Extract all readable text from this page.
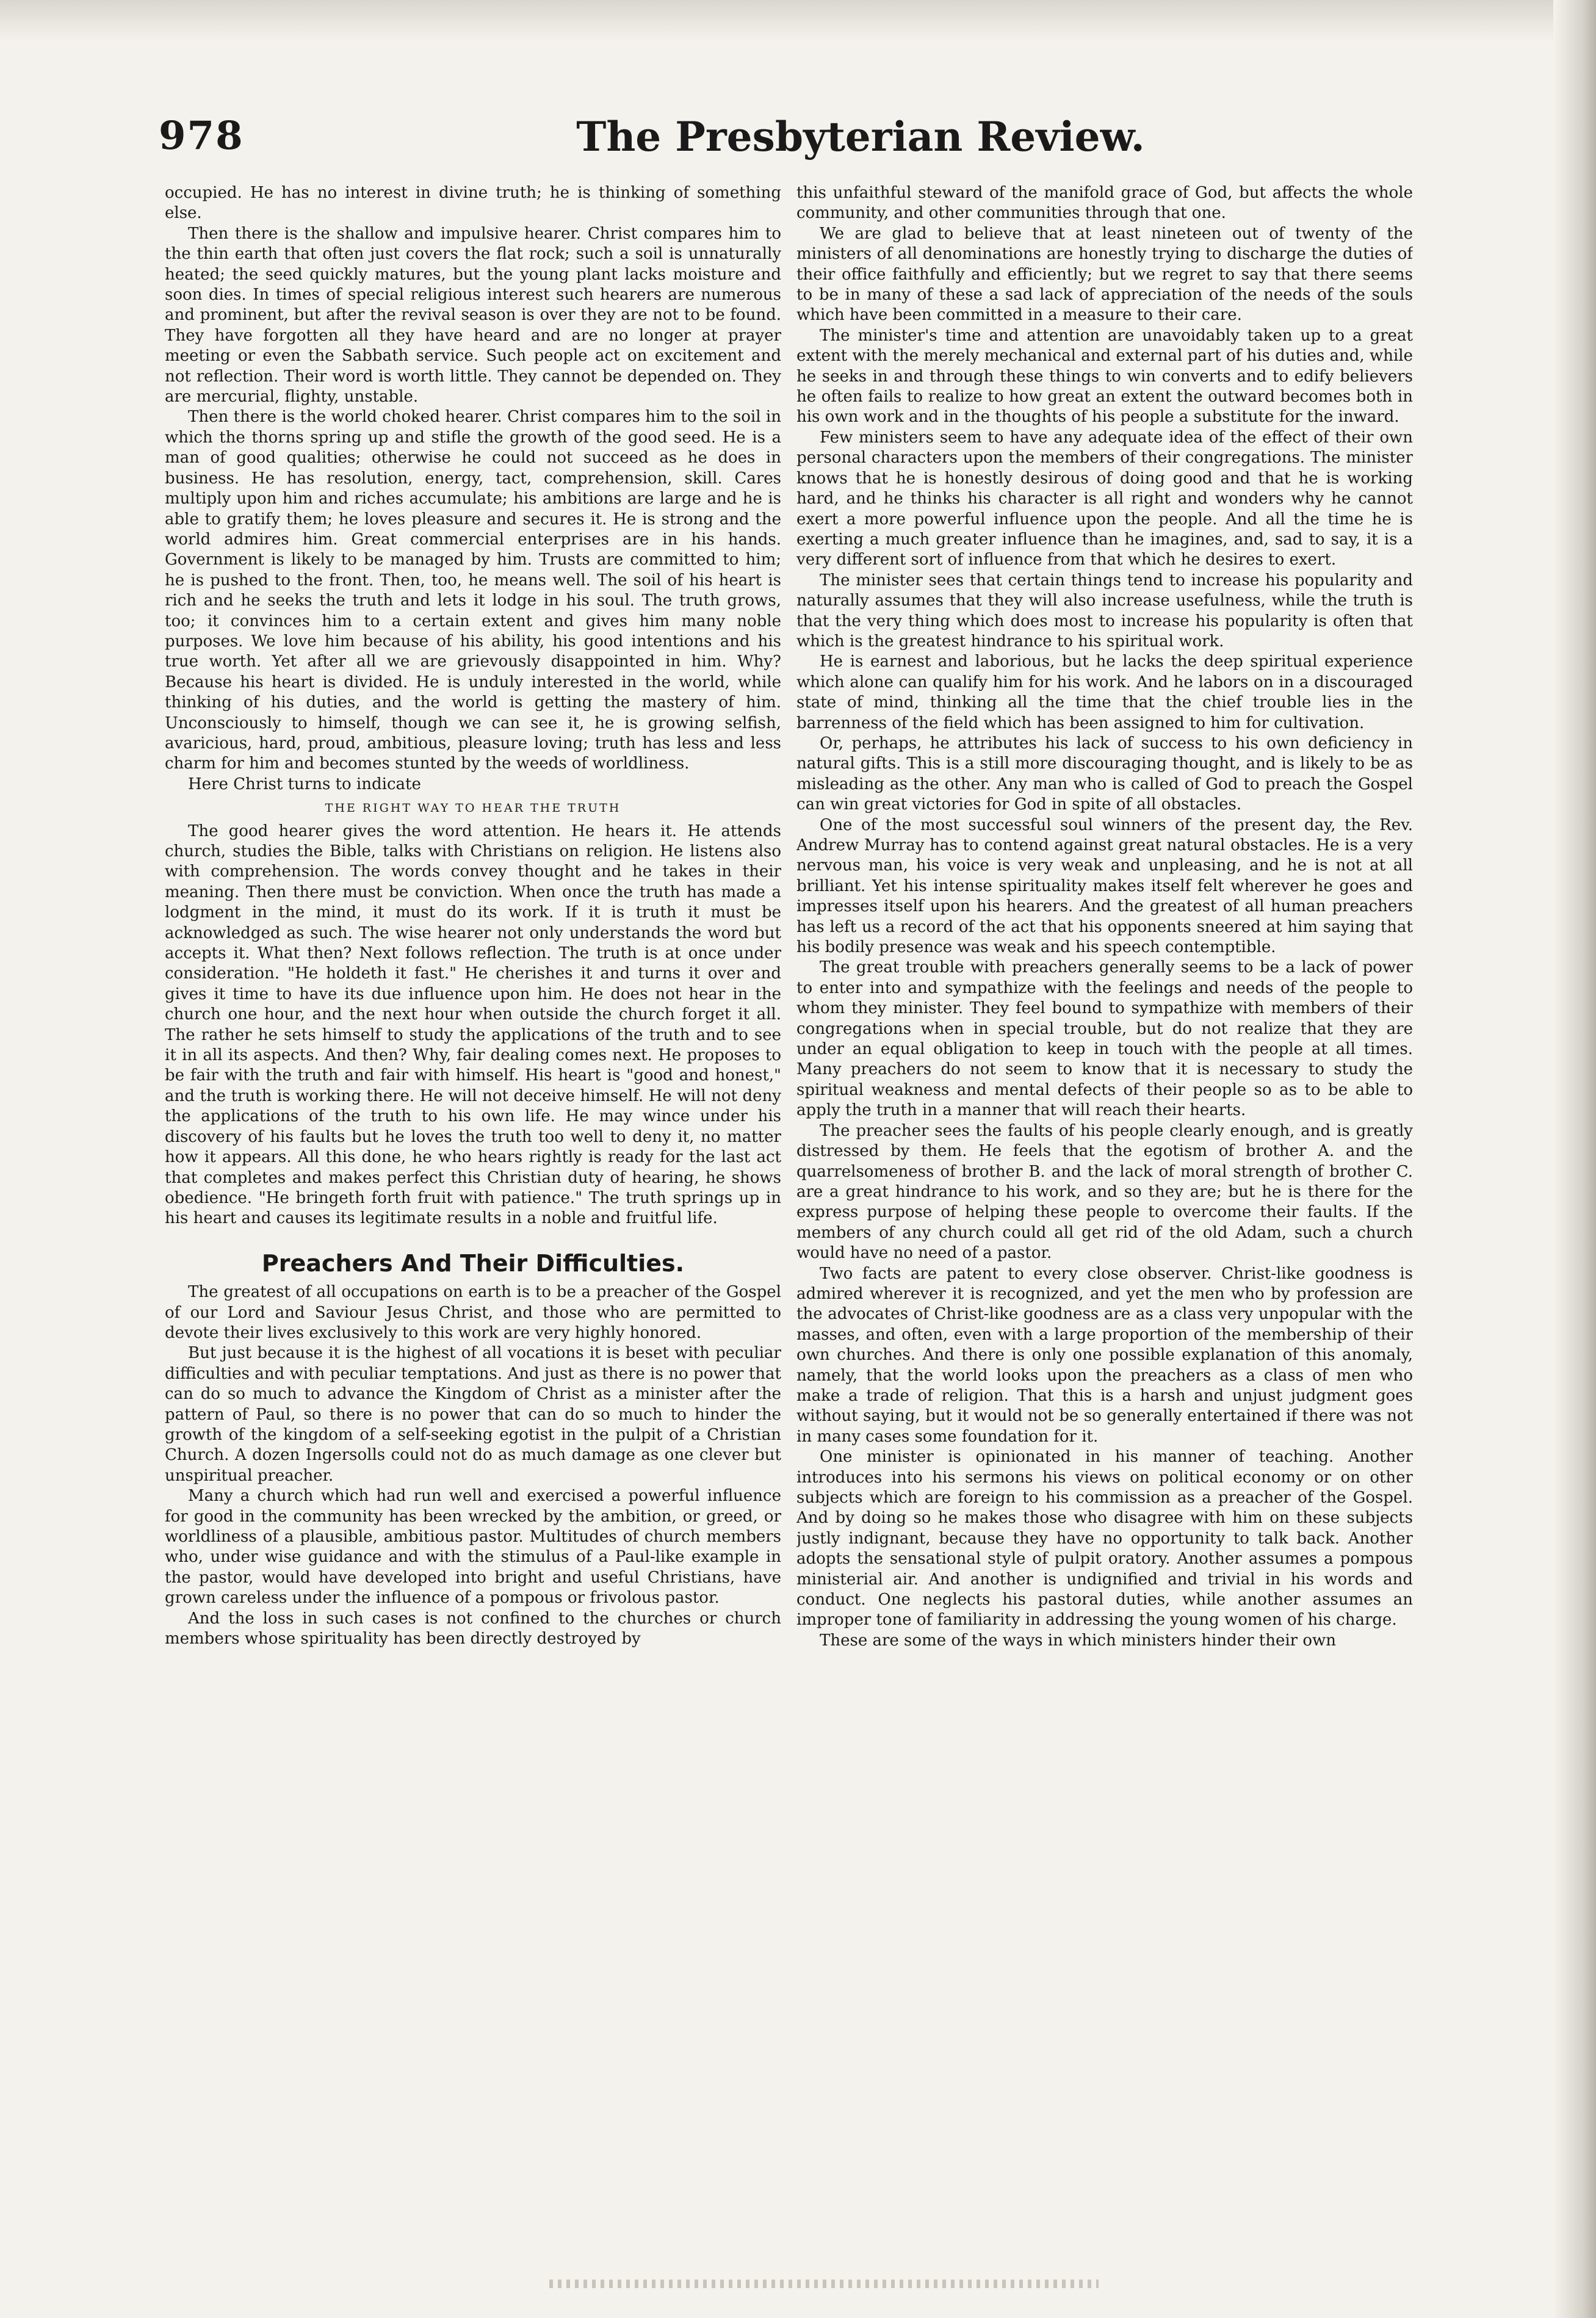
978	The Presbyterian Review.

occupied. He has no interest in divine truth; he is thinking of something else.

Then there is the shallow and impulsive hearer. Christ compares him to the thin earth that often just covers the flat rock; such a soil is unnaturally heated; the seed quickly matures, but the young plant lacks moisture and soon dies. In times of special religious interest such hearers are numerous and prominent, but after the revival season is over they are not to be found. They have forgotten all they have heard and are no longer at prayer meeting or even the Sabbath service. Such people act on excitement and not reflection. Their word is worth little. They cannot be depended on. They are mercurial, flighty, unstable.

Then there is the world choked hearer. Christ compares him to the soil in which the thorns spring up and stifle the growth of the good seed. He is a man of good qualities; otherwise he could not succeed as he does in business. He has resolution, energy, tact, comprehension, skill. Cares multiply upon him and riches accumulate; his ambitions are large and he is able to gratify them; he loves pleasure and secures it. He is strong and the world admires him. Great commercial enterprises are in his hands. Government is likely to be managed by him. Trusts are committed to him; he is pushed to the front. Then, too, he means well. The soil of his heart is rich and he seeks the truth and lets it lodge in his soul. The truth grows, too; it convinces him to a certain extent and gives him many noble purposes. We love him because of his ability, his good intentions and his true worth. Yet after all we are grievously disappointed in him. Why? Because his heart is divided. He is unduly interested in the world, while thinking of his duties, and the world is getting the mastery of him. Unconsciously to himself, though we can see it, he is growing selfish, avaricious, hard, proud, ambitious, pleasure loving; truth has less and less charm for him and becomes stunted by the weeds of worldliness.

Here Christ turns to indicate

THE RIGHT WAY TO HEAR THE TRUTH

The good hearer gives the word attention. He hears it. He attends church, studies the Bible, talks with Christians on religion. He listens also with comprehension. The words convey thought and he takes in their meaning. Then there must be conviction. When once the truth has made a lodgment in the mind, it must do its work. If it is truth it must be acknowledged as such. The wise hearer not only understands the word but accepts it. What then? Next follows reflection. The truth is at once under consideration. "He holdeth it fast." He cherishes it and turns it over and gives it time to have its due influence upon him. He does not hear in the church one hour, and the next hour when outside the church forget it all. The rather he sets himself to study the applications of the truth and to see it in all its aspects. And then? Why, fair dealing comes next. He proposes to be fair with the truth and fair with himself. His heart is "good and honest," and the truth is working there. He will not deceive himself. He will not deny the applications of the truth to his own life. He may wince under his discovery of his faults but he loves the truth too well to deny it, no matter how it appears. All this done, he who hears rightly is ready for the last act that completes and makes perfect this Christian duty of hearing, he shows obedience. "He bringeth forth fruit with patience." The truth springs up in his heart and causes its legitimate results in a noble and fruitful life.

Preachers And Their Difficulties.

The greatest of all occupations on earth is to be a preacher of the Gospel of our Lord and Saviour Jesus Christ, and those who are permitted to devote their lives exclusively to this work are very highly honored.

But just because it is the highest of all vocations it is beset with peculiar difficulties and with peculiar temptations. And just as there is no power that can do so much to advance the Kingdom of Christ as a minister after the pattern of Paul, so there is no power that can do so much to hinder the growth of the kingdom of a self-seeking egotist in the pulpit of a Christian Church. A dozen Ingersolls could not do as much damage as one clever but unspiritual preacher.

Many a church which had run well and exercised a powerful influence for good in the community has been wrecked by the ambition, or greed, or worldliness of a plausible, ambitious pastor. Multitudes of church members who, under wise guidance and with the stimulus of a Paul-like example in the pastor, would have developed into bright and useful Christians, have grown careless under the influence of a pompous or frivolous pastor.

And the loss in such cases is not confined to the churches or church members whose spirituality has been directly destroyed by

this unfaithful steward of the manifold grace of God, but affects the whole community, and other communities through that one.

We are glad to believe that at least nineteen out of twenty of the ministers of all denominations are honestly trying to discharge the duties of their office faithfully and efficiently; but we regret to say that there seems to be in many of these a sad lack of appreciation of the needs of the souls which have been committed in a measure to their care.

The minister's time and attention are unavoidably taken up to a great extent with the merely mechanical and external part of his duties and, while he seeks in and through these things to win converts and to edify believers he often fails to realize to how great an extent the outward becomes both in his own work and in the thoughts of his people a substitute for the inward.

Few ministers seem to have any adequate idea of the effect of their own personal characters upon the members of their congregations. The minister knows that he is honestly desirous of doing good and that he is working hard, and he thinks his character is all right and wonders why he cannot exert a more powerful influence upon the people. And all the time he is exerting a much greater influence than he imagines, and, sad to say, it is a very different sort of influence from that which he desires to exert.

The minister sees that certain things tend to increase his popularity and naturally assumes that they will also increase usefulness, while the truth is that the very thing which does most to increase his popularity is often that which is the greatest hindrance to his spiritual work.

He is earnest and laborious, but he lacks the deep spiritual experience which alone can qualify him for his work. And he labors on in a discouraged state of mind, thinking all the time that the chief trouble lies in the barrenness of the field which has been assigned to him for cultivation.

Or, perhaps, he attributes his lack of success to his own deficiency in natural gifts. This is a still more discouraging thought, and is likely to be as misleading as the other. Any man who is called of God to preach the Gospel can win great victories for God in spite of all obstacles.

One of the most successful soul winners of the present day, the Rev. Andrew Murray has to contend against great natural obstacles. He is a very nervous man, his voice is very weak and unpleasing, and he is not at all brilliant. Yet his intense spirituality makes itself felt wherever he goes and impresses itself upon his hearers. And the greatest of all human preachers has left us a record of the act that his opponents sneered at him saying that his bodily presence was weak and his speech contemptible.

The great trouble with preachers generally seems to be a lack of power to enter into and sympathize with the feelings and needs of the people to whom they minister. They feel bound to sympathize with members of their congregations when in special trouble, but do not realize that they are under an equal obligation to keep in touch with the people at all times. Many preachers do not seem to know that it is necessary to study the spiritual weakness and mental defects of their people so as to be able to apply the truth in a manner that will reach their hearts.

The preacher sees the faults of his people clearly enough, and is greatly distressed by them. He feels that the egotism of brother A. and the quarrelsomeness of brother B. and the lack of moral strength of brother C. are a great hindrance to his work, and so they are; but he is there for the express purpose of helping these people to overcome their faults. If the members of any church could all get rid of the old Adam, such a church would have no need of a pastor.

Two facts are patent to every close observer. Christ-like goodness is admired wherever it is recognized, and yet the men who by profession are the advocates of Christ-like goodness are as a class very unpopular with the masses, and often, even with a large proportion of the membership of their own churches. And there is only one possible explanation of this anomaly, namely, that the world looks upon the preachers as a class of men who make a trade of religion. That this is a harsh and unjust judgment goes without saying, but it would not be so generally entertained if there was not in many cases some foundation for it.

One minister is opinionated in his manner of teaching. Another introduces into his sermons his views on political economy or on other subjects which are foreign to his commission as a preacher of the Gospel. And by doing so he makes those who disagree with him on these subjects justly indignant, because they have no opportunity to talk back. Another adopts the sensational style of pulpit oratory. Another assumes a pompous ministerial air. And another is undignified and trivial in his words and conduct. One neglects his pastoral duties, while another assumes an improper tone of familiarity in addressing the young women of his charge.

These are some of the ways in which ministers hinder their own
